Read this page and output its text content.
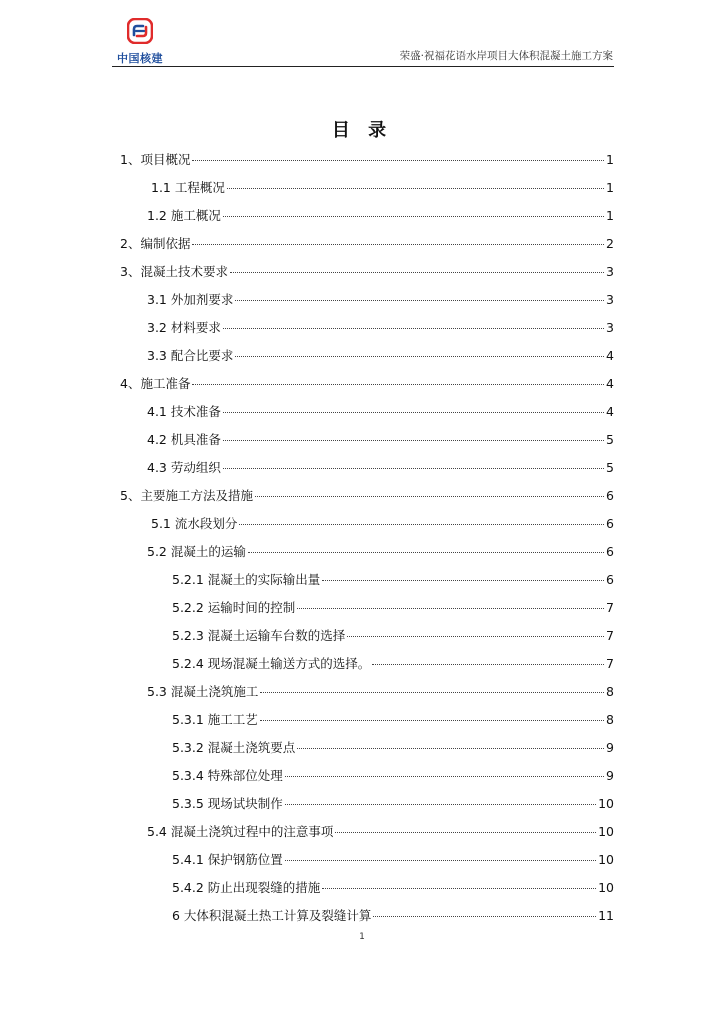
中国核建	荣盛·祝福花语水岸项目大体积混凝土施工方案
目 录
1、项目概况	1
1.1 工程概况	1
1.2 施工概况	1
2、编制依据	2
3、混凝土技术要求	3
3.1 外加剂要求	3
3.2 材料要求	3
3.3 配合比要求	4
4、施工准备	4
4.1 技术准备	4
4.2 机具准备	5
4.3 劳动组织	5
5、主要施工方法及措施	6
5.1 流水段划分	6
5.2 混凝土的运输	6
5.2.1 混凝土的实际输出量	6
5.2.2 运输时间的控制	7
5.2.3 混凝土运输车台数的选择	7
5.2.4 现场混凝土输送方式的选择。	7
5.3 混凝土浇筑施工	8
5.3.1 施工工艺	8
5.3.2 混凝土浇筑要点	9
5.3.4 特殊部位处理	9
5.3.5 现场试块制作	10
5.4 混凝土浇筑过程中的注意事项	10
5.4.1 保护钢筋位置	10
5.4.2 防止出现裂缝的措施	10
6 大体积混凝土热工计算及裂缝计算	11
1
